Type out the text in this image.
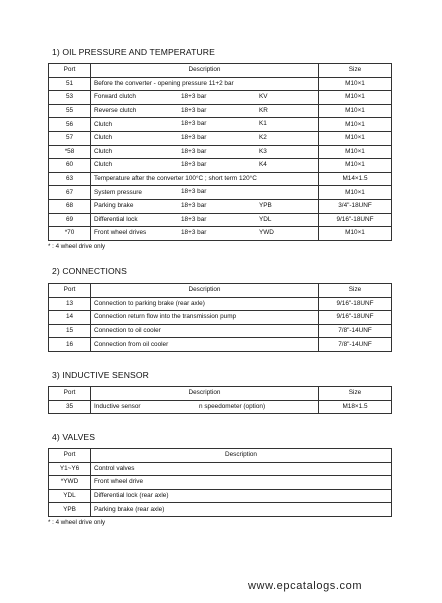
1) OIL PRESSURE AND TEMPERATURE
Port	Description	Size
51	Before the converter - opening pressure 11+2 bar	M10×1
53	Forward clutch 18+3 bar KV	M10×1
55	Reverse clutch 18+3 bar KR	M10×1
56	Clutch 18+3 bar K1	M10×1
57	Clutch 18+3 bar K2	M10×1
*58	Clutch 18+3 bar K3	M10×1
60	Clutch 18+3 bar K4	M10×1
63	Temperature after the converter 100°C ; short term 120°C	M14×1.5
67	System pressure 18+3 bar	M10×1
68	Parking brake 18+3 bar YPB	3/4"-18UNF
69	Differential lock 18+3 bar YDL	9/16"-18UNF
*70	Front wheel drives 18+3 bar YWD	M10×1
* : 4 wheel drive only
2) CONNECTIONS
Port	Description	Size
13	Connection to parking brake (rear axle)	9/16"-18UNF
14	Connection return flow into the transmission pump	9/16"-18UNF
15	Connection to oil cooler	7/8"-14UNF
16	Connection from oil cooler	7/8"-14UNF
3) INDUCTIVE SENSOR
Port	Description	Size
35	Inductive sensor n speedometer (option)	M18×1.5
4) VALVES
Port	Description
Y1~Y6	Control valves
*YWD	Front wheel drive
YDL	Differential lock (rear axle)
YPB	Parking brake (rear axle)
* : 4 wheel drive only
www.epcatalogs.com
